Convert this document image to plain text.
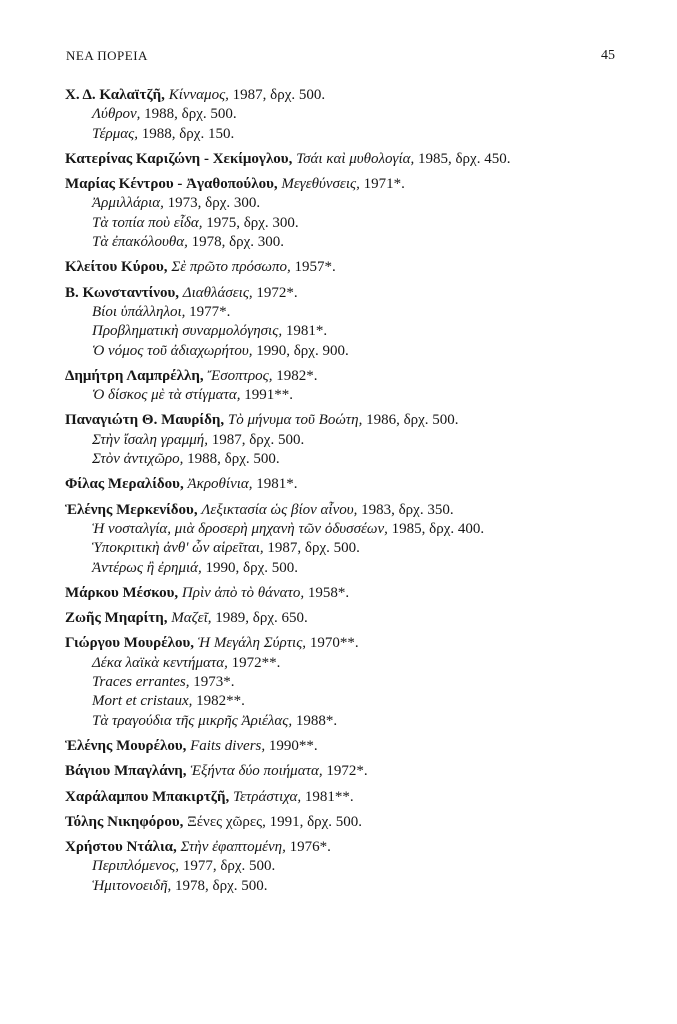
ΝΕΑ ΠΟΡΕΙΑ	45
Χ. Δ. Καλαϊτζῆ, Κίνναμος, 1987, δρχ. 500.
Λύθρον, 1988, δρχ. 500.
Τέρμας, 1988, δρχ. 150.
Κατερίνας Καριζώνη - Χεκίμογλου, Τσάι καὶ μυθολογία, 1985, δρχ. 450.
Μαρίας Κέντρου - Ἀγαθοπούλου, Μεγεθύνσεις, 1971*.
Ἀρμιλλάρια, 1973, δρχ. 300.
Τὰ τοπία ποὺ εἶδα, 1975, δρχ. 300.
Τὰ ἐπακόλουθα, 1978, δρχ. 300.
Κλείτου Κύρου, Σὲ πρῶτο πρόσωπο, 1957*.
Β. Κωνσταντίνου, Διαθλάσεις, 1972*.
Βίοι ὑπάλληλοι, 1977*.
Προβληματικὴ συναρμολόγησις, 1981*.
Ὁ νόμος τοῦ ἀδιαχωρήτου, 1990, δρχ. 900.
Δημήτρη Λαμπρέλλη, Ἔσοπτρος, 1982*.
Ὁ δίσκος μὲ τὰ στίγματα, 1991**.
Παναγιώτη Θ. Μαυρίδη, Τὸ μήνυμα τοῦ Βοώτη, 1986, δρχ. 500.
Στὴν ἴσαλη γραμμή, 1987, δρχ. 500.
Στὸν ἀντιχῶρο, 1988, δρχ. 500.
Φίλας Μεραλίδου, Ἀκροθίνια, 1981*.
Ἑλένης Μερκενίδου, Λεξικτασία ὡς βίον αἶνου, 1983, δρχ. 350.
Ἡ νοσταλγία, μιὰ δροσερὴ μηχανὴ τῶν ὀδυσσέων, 1985, δρχ. 400.
Ὑποκριτικὴ ἀνθ' ὧν αἱρεῖται, 1987, δρχ. 500.
Ἀντέρως ἢ ἐρημιά, 1990, δρχ. 500.
Μάρκου Μέσκου, Πρὶν ἀπὸ τὸ θάνατο, 1958*.
Ζωῆς Μηαρίτη, Μαζεῖ, 1989, δρχ. 650.
Γιώργου Μουρέλου, Ἡ Μεγάλη Σύρτις, 1970**.
Δέκα λαϊκὰ κεντήματα, 1972**.
Traces errantes, 1973*.
Mort et cristaux, 1982**.
Τὰ τραγούδια τῆς μικρῆς Ἀριέλας, 1988*.
Ἑλένης Μουρέλου, Faits divers, 1990**.
Βάγιου Μπαγλάνη, Ἑξήντα δύο ποιήματα, 1972*.
Χαράλαμπου Μπακιρτζῆ, Τετράστιχα, 1981**.
Τόλης Νικηφόρου, Ξένες χῶρες, 1991, δρχ. 500.
Χρήστου Ντάλια, Στὴν ἐφαπτομένη, 1976*.
Περιπλόμενος, 1977, δρχ. 500.
Ἡμιτονοειδῆ, 1978, δρχ. 500.
